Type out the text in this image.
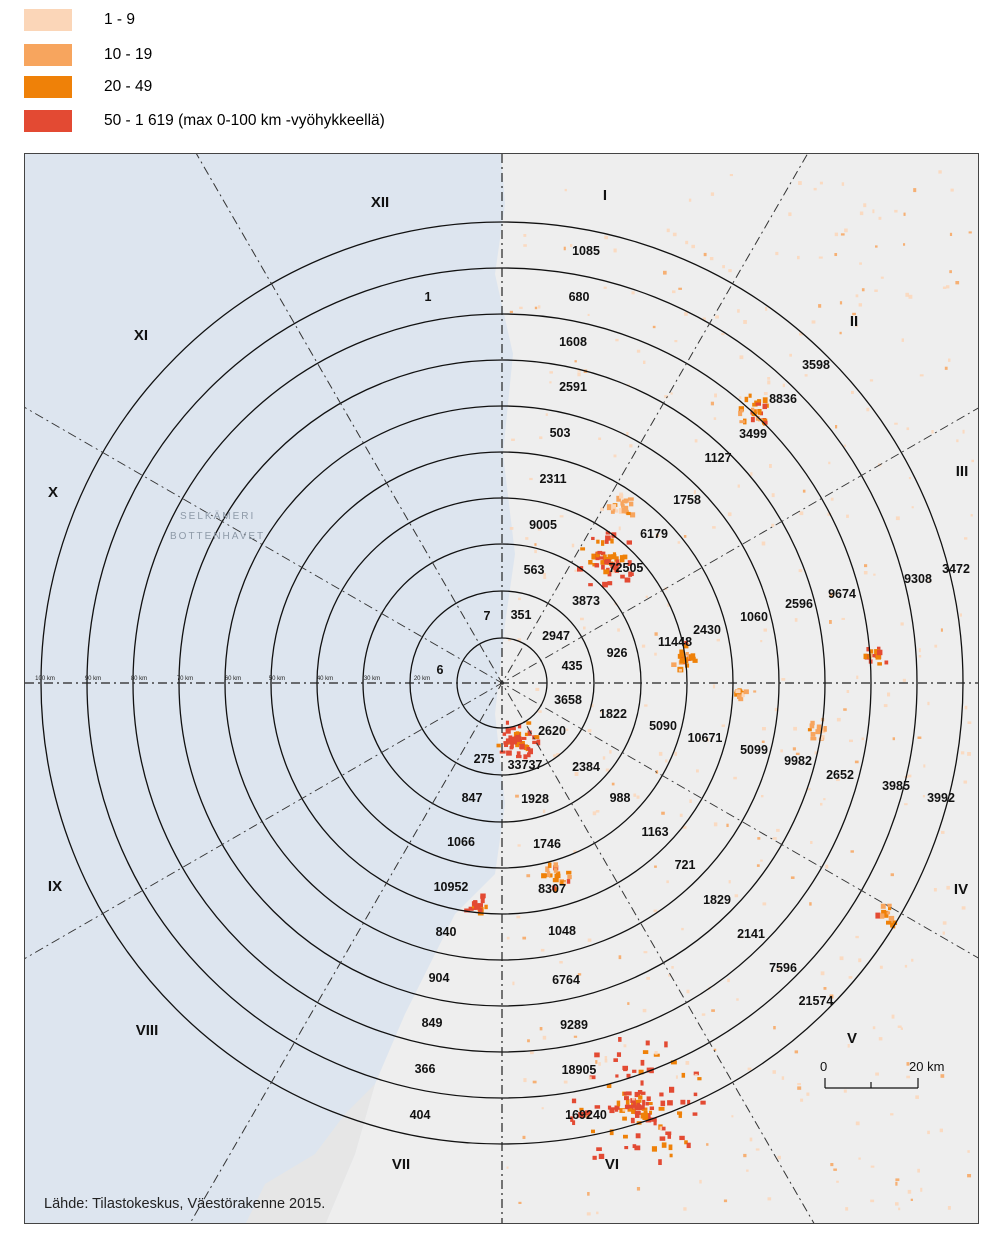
1 - 9
10 - 19
20 - 49
50 - 1 619 (max 0-100 km -vyöhykkeellä)
SELKÄMERI
BOTTENHAVET
20 km
30 km
40 km
50 km
60 km
70 km
80 km
90 km
100 km
I
II
III
IV
V
VI
VII
VIII
IX
X
XI
XII
1085
680
1608
2591
503
2311
9005
563
351
7
1
6
3598
8836
3499
1127
1758
6179
72505
3873
2947
3472
9308
9674
2596
1060
2430
11448
926
435
3992
3985
2652
9982
5099
10671
5090
1822
3658
21574
7596
2141
1829
721
1163
988
2384
2620
33737
1928
1746
8307
1048
6764
9289
18905
169240
275
847
1066
10952
840
904
849
366
404
0	20 km
Lähde: Tilastokeskus, Väestörakenne 2015.
